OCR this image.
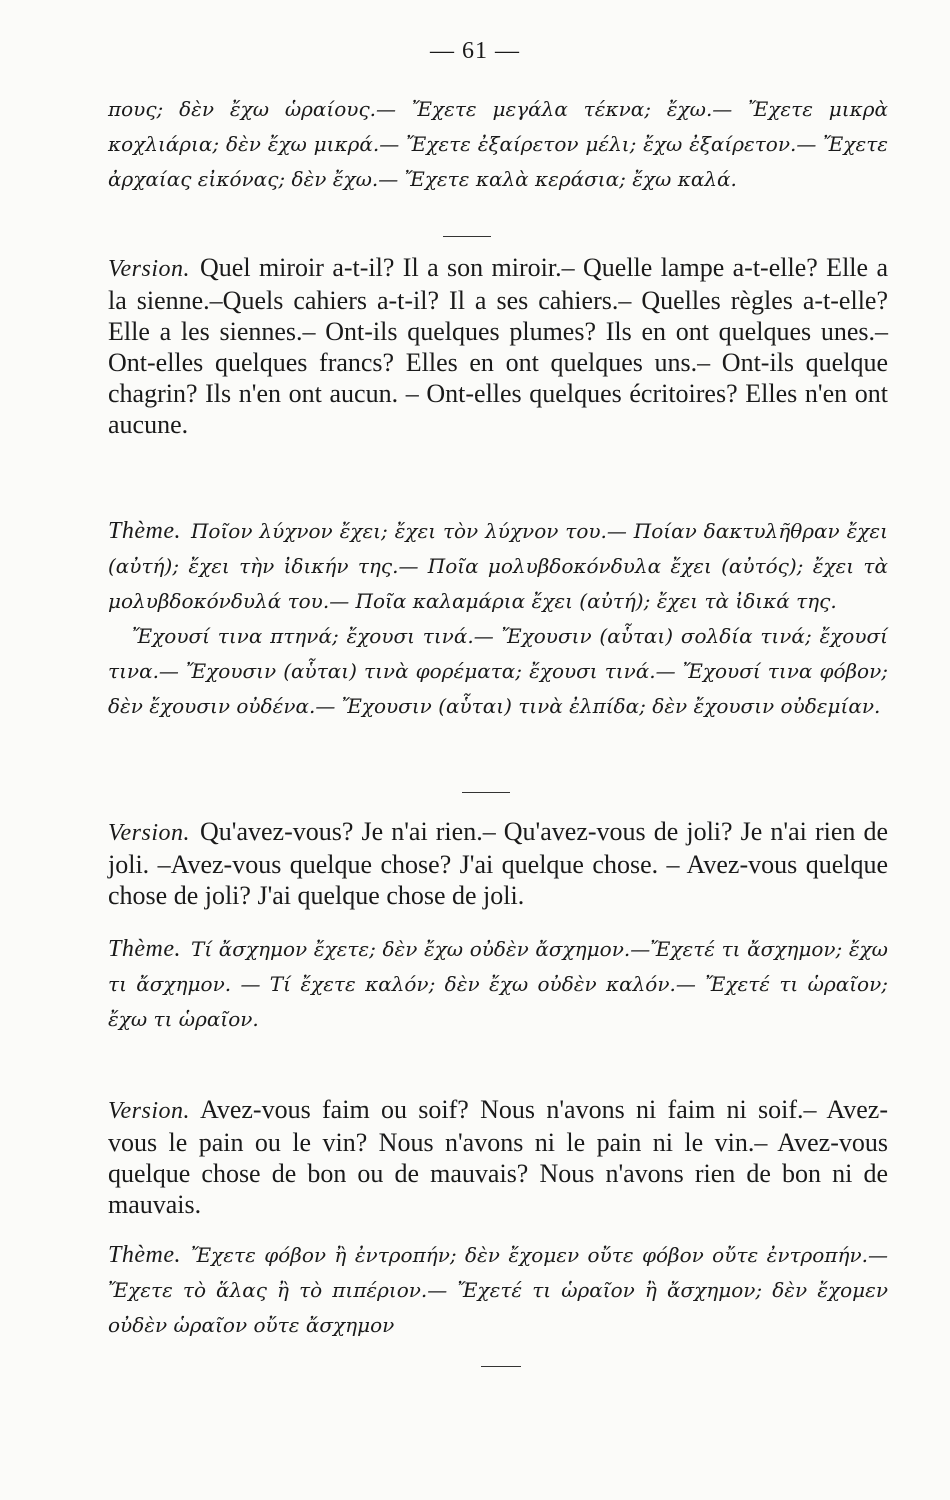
— 61 —
πους; δὲν ἔχω ὡραίους.— Ἔχετε μεγάλα τέκνα; ἔχω.— Ἔχετε μικρὰ κοχλιάρια; δὲν ἔχω μικρά.— Ἔχετε ἐξαίρετον μέλι; ἔχω ἐξαίρετον.— Ἔχετε ἀρχαίας εἰκόνας; δὲν ἔχω.— Ἔχετε καλὰ κεράσια; ἔχω καλά.
Version. Quel miroir a-t-il? Il a son miroir.– Quelle lampe a-t-elle? Elle a la sienne.–Quels cahiers a-t-il? Il a ses cahiers.– Quelles règles a-t-elle? Elle a les siennes.– Ont-ils quelques plumes? Ils en ont quelques unes.– Ont-elles quelques francs? Elles en ont quelques uns.– Ont-ils quelque chagrin? Ils n'en ont aucun. – Ont-elles quelques écritoires? Elles n'en ont aucune.
Thème. Ποῖον λύχνον ἔχει; ἔχει τὸν λύχνον του.— Ποίαν δακτυλῆθραν ἔχει (αὐτή); ἔχει τὴν ἰδικήν της.— Ποῖα μολυβδοκόνδυλα ἔχει (αὐτός); ἔχει τὰ μολυβδοκόνδυλά του.— Ποῖα καλαμάρια ἔχει (αὐτή); ἔχει τὰ ἰδικά της.
Ἔχουσί τινα πτηνά; ἔχουσι τινά.— Ἔχουσιν (αὗται) σολδία τινά; ἔχουσί τινα.— Ἔχουσιν (αὗται) τινὰ φορέματα; ἔχουσι τινά.— Ἔχουσί τινα φόβον; δὲν ἔχουσιν οὐδένα.— Ἔχουσιν (αὗται) τινὰ ἐλπίδα; δὲν ἔχουσιν οὐδεμίαν.
Version. Qu'avez-vous? Je n'ai rien.– Qu'avez-vous de joli? Je n'ai rien de joli. –Avez-vous quelque chose? J'ai quelque chose. – Avez-vous quelque chose de joli? J'ai quelque chose de joli.
Thème. Τί ἄσχημον ἔχετε; δὲν ἔχω οὐδὲν ἄσχημον.—Ἔχετέ τι ἄσχημον; ἔχω τι ἄσχημον. — Τί ἔχετε καλόν; δὲν ἔχω οὐδὲν καλόν.— Ἔχετέ τι ὡραῖον; ἔχω τι ὡραῖον.
Version. Avez-vous faim ou soif? Nous n'avons ni faim ni soif.– Avez-vous le pain ou le vin? Nous n'avons ni le pain ni le vin.– Avez-vous quelque chose de bon ou de mauvais? Nous n'avons rien de bon ni de mauvais.
Thème. Ἔχετε φόβον ἢ ἐντροπήν; δὲν ἔχομεν οὔτε φόβον οὔτε ἐντροπήν.— Ἔχετε τὸ ἅλας ἢ τὸ πιπέριον.— Ἔχετέ τι ὡραῖον ἢ ἄσχημον; δὲν ἔχομεν οὐδὲν ὡραῖον οὔτε ἄσχημον
